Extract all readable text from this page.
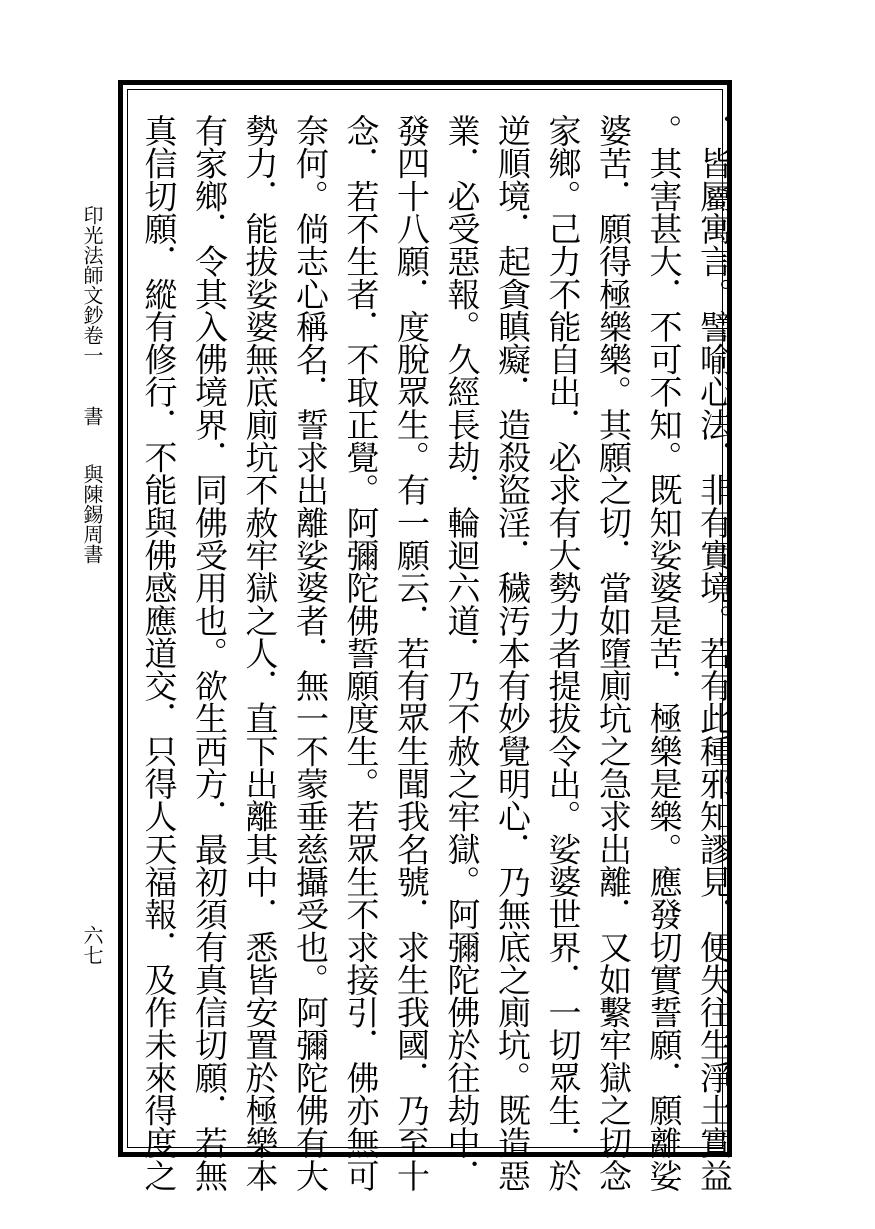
印光法師文鈔卷一
書
與陳錫周書
六七	．皆屬寓言。譬喻心法．非有實境。若有此種邪知謬見．便失往生淨土實益
。其害甚大．不可不知。既知娑婆是苦．極樂是樂。應發切實誓願．願離娑
婆苦．願得極樂樂。其願之切．當如墮廁坑之急求出離．又如繫牢獄之切念
家鄉。己力不能自出．必求有大勢力者提拔令出。娑婆世界．一切眾生．於
逆順境．起貪瞋癡．造殺盜淫．穢汚本有妙覺明心．乃無底之廁坑。既造惡
業．必受惡報。久經長劫．輪迴六道．乃不赦之牢獄。阿彌陀佛於往劫中．
發四十八願．度脫眾生。有一願云．若有眾生聞我名號．求生我國．乃至十
念．若不生者．不取正覺。阿彌陀佛誓願度生。若眾生不求接引．佛亦無可
奈何。倘志心稱名．誓求出離娑婆者．無一不蒙垂慈攝受也。阿彌陀佛有大
勢力．能拔娑婆無底廁坑不赦牢獄之人．直下出離其中．悉皆安置於極樂本
有家鄉．令其入佛境界．同佛受用也。欲生西方．最初須有真信切願．若無
真信切願．縱有修行．不能與佛感應道交．只得人天福報．及作未來得度之
